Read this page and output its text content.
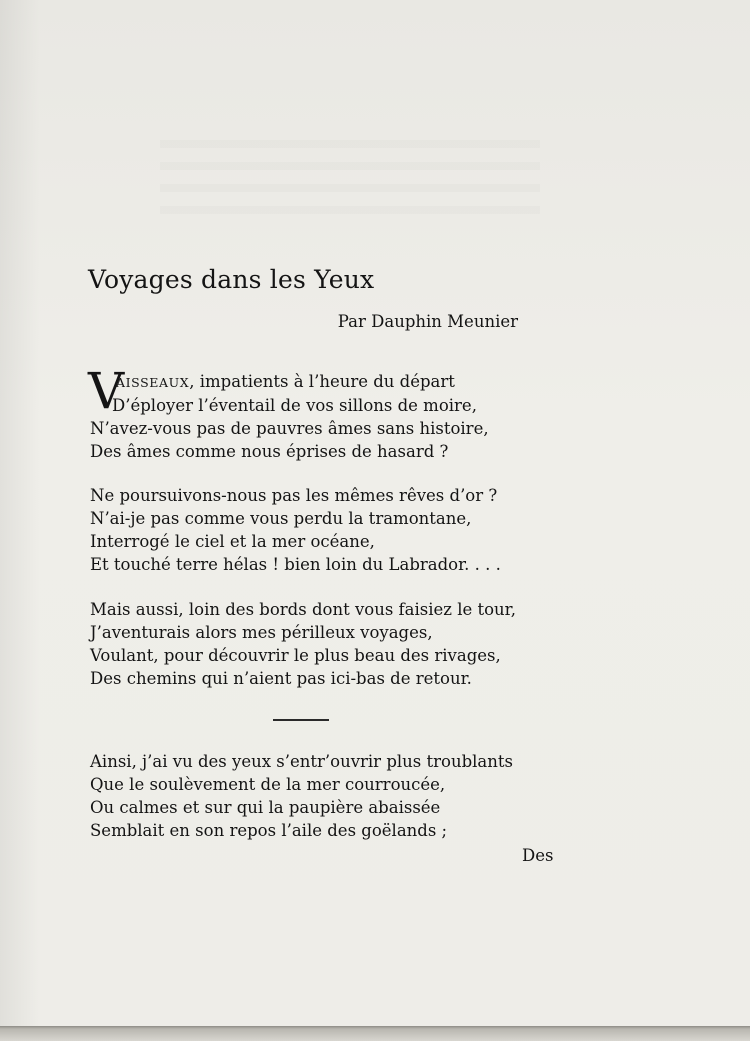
Voyages dans les Yeux
Par Dauphin Meunier
V
AISSEAUX, impatients à l’heure du départ
D’éployer l’éventail de vos sillons de moire,
N’avez-vous pas de pauvres âmes sans histoire,
Des âmes comme nous éprises de hasard ?
Ne poursuivons-nous pas les mêmes rêves d’or ?
N’ai-je pas comme vous perdu la tramontane,
Interrogé le ciel et la mer océane,
Et touché terre hélas ! bien loin du Labrador. . . .
Mais aussi, loin des bords dont vous faisiez le tour,
J’aventurais alors mes périlleux voyages,
Voulant, pour découvrir le plus beau des rivages,
Des chemins qui n’aient pas ici-bas de retour.
Ainsi, j’ai vu des yeux s’entr’ouvrir plus troublants
Que le soulèvement de la mer courroucée,
Ou calmes et sur qui la paupière abaissée
Semblait en son repos l’aile des goëlands ;
Des
